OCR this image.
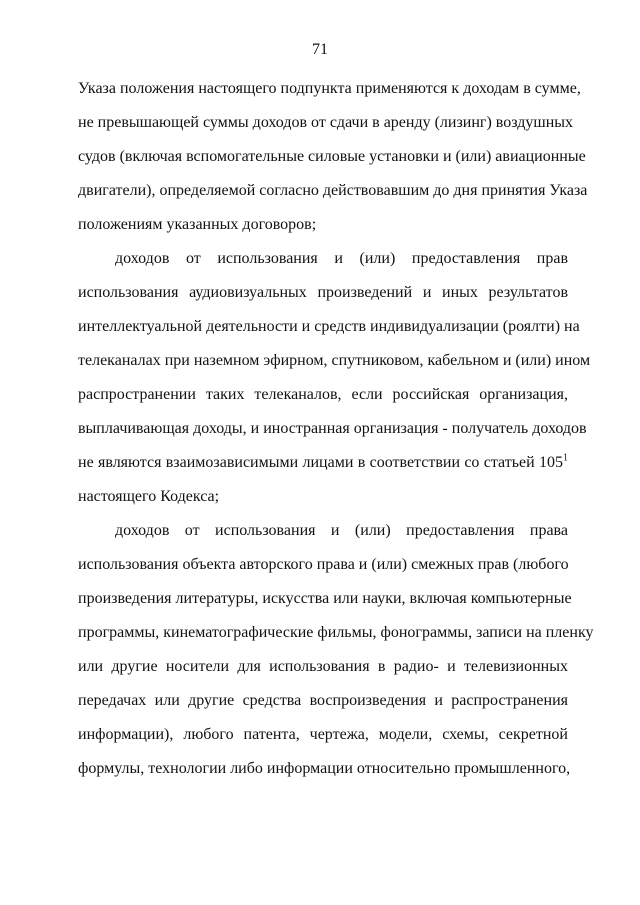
71
Указа положения настоящего подпункта применяются к доходам в сумме,
не превышающей суммы доходов от сдачи в аренду (лизинг) воздушных
судов (включая вспомогательные силовые установки и (или) авиационные
двигатели), определяемой согласно действовавшим до дня принятия Указа
положениям указанных договоров;
доходов от использования и (или) предоставления прав
использования аудиовизуальных произведений и иных результатов
интеллектуальной деятельности и средств индивидуализации (роялти) на
телеканалах при наземном эфирном, спутниковом, кабельном и (или) ином
распространении таких телеканалов, если российская организация,
выплачивающая доходы, и иностранная организация - получатель доходов
не являются взаимозависимыми лицами в соответствии со статьей $105^1$
настоящего Кодекса;
доходов от использования и (или) предоставления права
использования объекта авторского права и (или) смежных прав (любого
произведения литературы, искусства или науки, включая компьютерные
программы, кинематографические фильмы, фонограммы, записи на пленку
или другие носители для использования в радио- и телевизионных
передачах или другие средства воспроизведения и распространения
информации), любого патента, чертежа, модели, схемы, секретной
формулы, технологии либо информации относительно промышленного,
